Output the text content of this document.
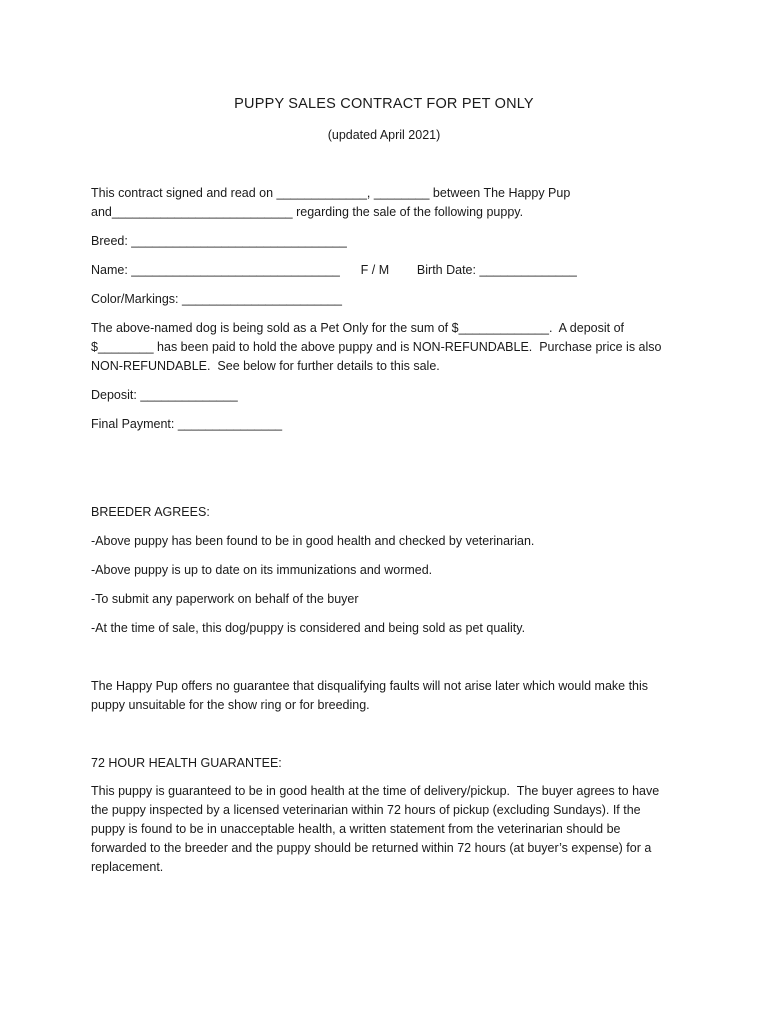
PUPPY SALES CONTRACT FOR PET ONLY
(updated April 2021)
This contract signed and read on _____________, ________ between The Happy Pup
and__________________________ regarding the sale of the following puppy.
Breed: _______________________________
Name: ______________________________      F / M        Birth Date: ______________
Color/Markings: _______________________
The above-named dog is being sold as a Pet Only for the sum of $_____________.  A deposit of
$________ has been paid to hold the above puppy and is NON-REFUNDABLE.  Purchase price is also
NON-REFUNDABLE.  See below for further details to this sale.
Deposit: ______________
Final Payment: _______________
BREEDER AGREES:
-Above puppy has been found to be in good health and checked by veterinarian.
-Above puppy is up to date on its immunizations and wormed.
-To submit any paperwork on behalf of the buyer
-At the time of sale, this dog/puppy is considered and being sold as pet quality.
The Happy Pup offers no guarantee that disqualifying faults will not arise later which would make this
puppy unsuitable for the show ring or for breeding.
72 HOUR HEALTH GUARANTEE:
This puppy is guaranteed to be in good health at the time of delivery/pickup.  The buyer agrees to have
the puppy inspected by a licensed veterinarian within 72 hours of pickup (excluding Sundays). If the
puppy is found to be in unacceptable health, a written statement from the veterinarian should be
forwarded to the breeder and the puppy should be returned within 72 hours (at buyer’s expense) for a
replacement.
